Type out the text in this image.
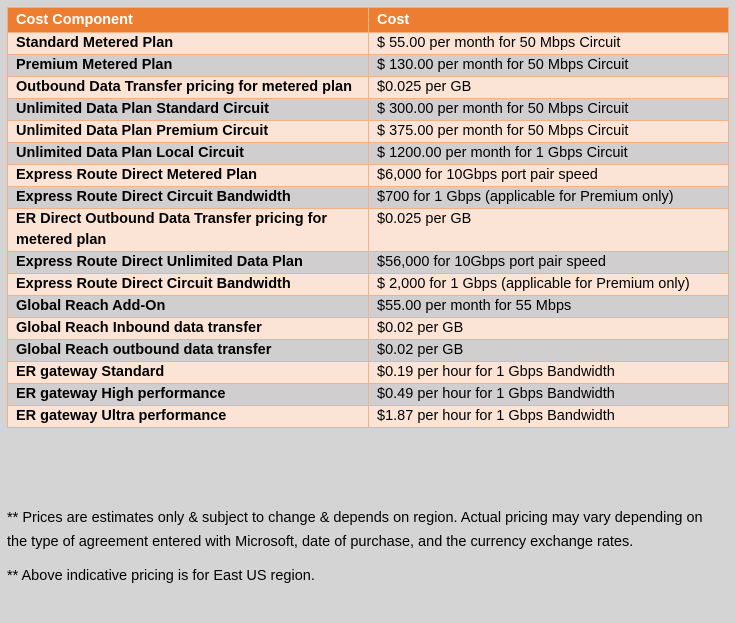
Cost Component	Cost
Standard Metered Plan	$ 55.00 per month for 50 Mbps Circuit
Premium Metered Plan	$ 130.00 per month for 50 Mbps Circuit
Outbound Data Transfer pricing for metered plan	$0.025 per GB
Unlimited Data Plan Standard Circuit	$ 300.00 per month for 50 Mbps Circuit
Unlimited Data Plan Premium Circuit	$ 375.00 per month for 50 Mbps Circuit
Unlimited Data Plan Local Circuit	$ 1200.00 per month for 1 Gbps Circuit
Express Route Direct Metered Plan	$6,000 for 10Gbps port pair speed
Express Route Direct Circuit Bandwidth	$700 for 1 Gbps (applicable for Premium only)
ER Direct Outbound Data Transfer pricing for metered plan	$0.025 per GB
Express Route Direct Unlimited Data Plan	$56,000 for 10Gbps port pair speed
Express Route Direct Circuit Bandwidth	$ 2,000 for 1 Gbps (applicable for Premium only)
Global Reach Add-On	$55.00 per month for 55 Mbps
Global Reach Inbound data transfer	$0.02 per GB
Global Reach outbound data transfer	$0.02 per GB
ER gateway Standard	$0.19 per hour for 1 Gbps Bandwidth
ER gateway High performance	$0.49 per hour for 1 Gbps Bandwidth
ER gateway Ultra performance	$1.87 per hour for 1 Gbps Bandwidth

** Prices are estimates only & subject to change & depends on region. Actual pricing may vary depending on the type of agreement entered with Microsoft, date of purchase, and the currency exchange rates.

** Above indicative pricing is for East US region.
